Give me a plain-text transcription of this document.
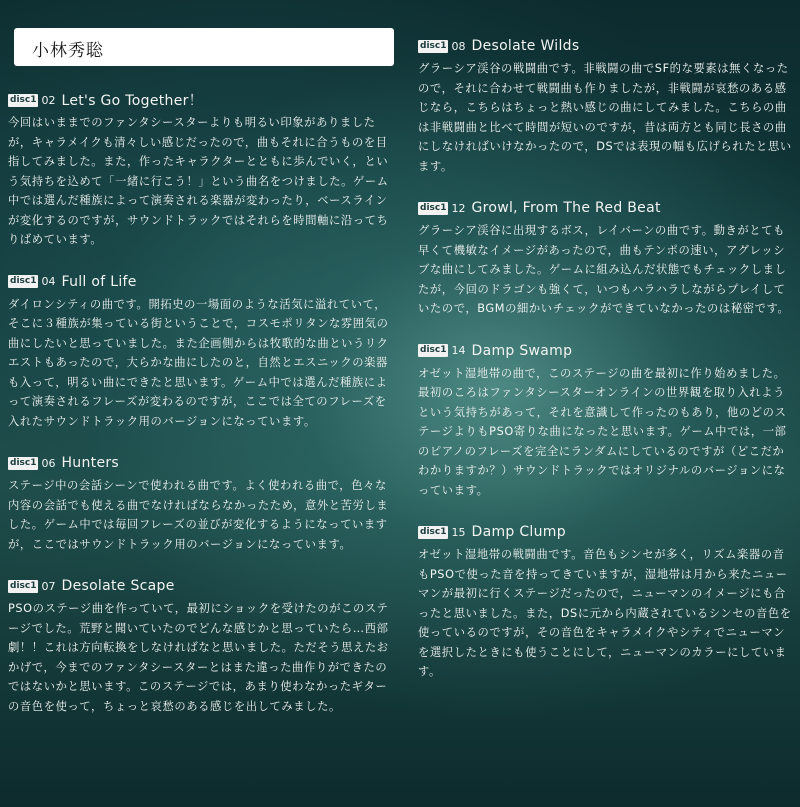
小林秀聡
disc1 02 Let's Go Together！
今回はいままでのファンタシースターよりも明るい印象がありましたが，キャラメイクも清々しい感じだったので，曲もそれに合うものを目指してみました。また，作ったキャラクターとともに歩んでいく，という気持ちを込めて「一緒に行こう！」という曲名をつけました。ゲーム中では選んだ種族によって演奏される楽器が変わったり，ベースラインが変化するのですが，サウンドトラックではそれらを時間軸に沿ってちりばめています。
disc1 04 Full of Life
ダイロンシティの曲です。開拓史の一場面のような活気に溢れていて，そこに３種族が集っている街ということで，コスモポリタンな雰囲気の曲にしたいと思っていました。また企画側からは牧歌的な曲というリクエストもあったので，大らかな曲にしたのと，自然とエスニックの楽器も入って，明るい曲にできたと思います。ゲーム中では選んだ種族によって演奏されるフレーズが変わるのですが，ここでは全てのフレーズを入れたサウンドトラック用のバージョンになっています。
disc1 06 Hunters
ステージ中の会話シーンで使われる曲です。よく使われる曲で，色々な内容の会話でも使える曲でなければならなかったため，意外と苦労しました。ゲーム中では毎回フレーズの並びが変化するようになっていますが，ここではサウンドトラック用のバージョンになっています。
disc1 07 Desolate Scape
PSOのステージ曲を作っていて，最初にショックを受けたのがこのステージでした。荒野と聞いていたのでどんな感じかと思っていたら…西部劇！！これは方向転換をしなければなと思いました。ただそう思えたおかげで，今までのファンタシースターとはまた違った曲作りができたのではないかと思います。このステージでは，あまり使わなかったギターの音色を使って，ちょっと哀愁のある感じを出してみました。
disc1 08 Desolate Wilds
グラーシア渓谷の戦闘曲です。非戦闘の曲でSF的な要素は無くなったので，それに合わせて戦闘曲も作りましたが，非戦闘が哀愁のある感じなら，こちらはちょっと熱い感じの曲にしてみました。こちらの曲は非戦闘曲と比べて時間が短いのですが，昔は両方とも同じ長さの曲にしなければいけなかったので，DSでは表現の幅も広げられたと思います。
disc1 12 Growl, From The Red Beat
グラーシア渓谷に出現するボス，レイバーンの曲です。動きがとても早くて機敏なイメージがあったので，曲もテンポの速い，アグレッシブな曲にしてみました。ゲームに組み込んだ状態でもチェックしましたが，今回のドラゴンも強くて，いつもハラハラしながらプレイしていたので，BGMの細かいチェックができていなかったのは秘密です。
disc1 14 Damp Swamp
オゼット湿地帯の曲で，このステージの曲を最初に作り始めました。最初のころはファンタシースターオンラインの世界観を取り入れようという気持ちがあって，それを意識して作ったのもあり，他のどのステージよりもPSO寄りな曲になったと思います。ゲーム中では，一部のピアノのフレーズを完全にランダムにしているのですが（どこだかわかりますか？）サウンドトラックではオリジナルのバージョンになっています。
disc1 15 Damp Clump
オゼット湿地帯の戦闘曲です。音色もシンセが多く，リズム楽器の音もPSOで使った音を持ってきていますが，湿地帯は月から来たニューマンが最初に行くステージだったので，ニューマンのイメージにも合ったと思いました。また，DSに元から内蔵されているシンセの音色を使っているのですが，その音色をキャラメイクやシティでニューマンを選択したときにも使うことにして，ニューマンのカラーにしています。
